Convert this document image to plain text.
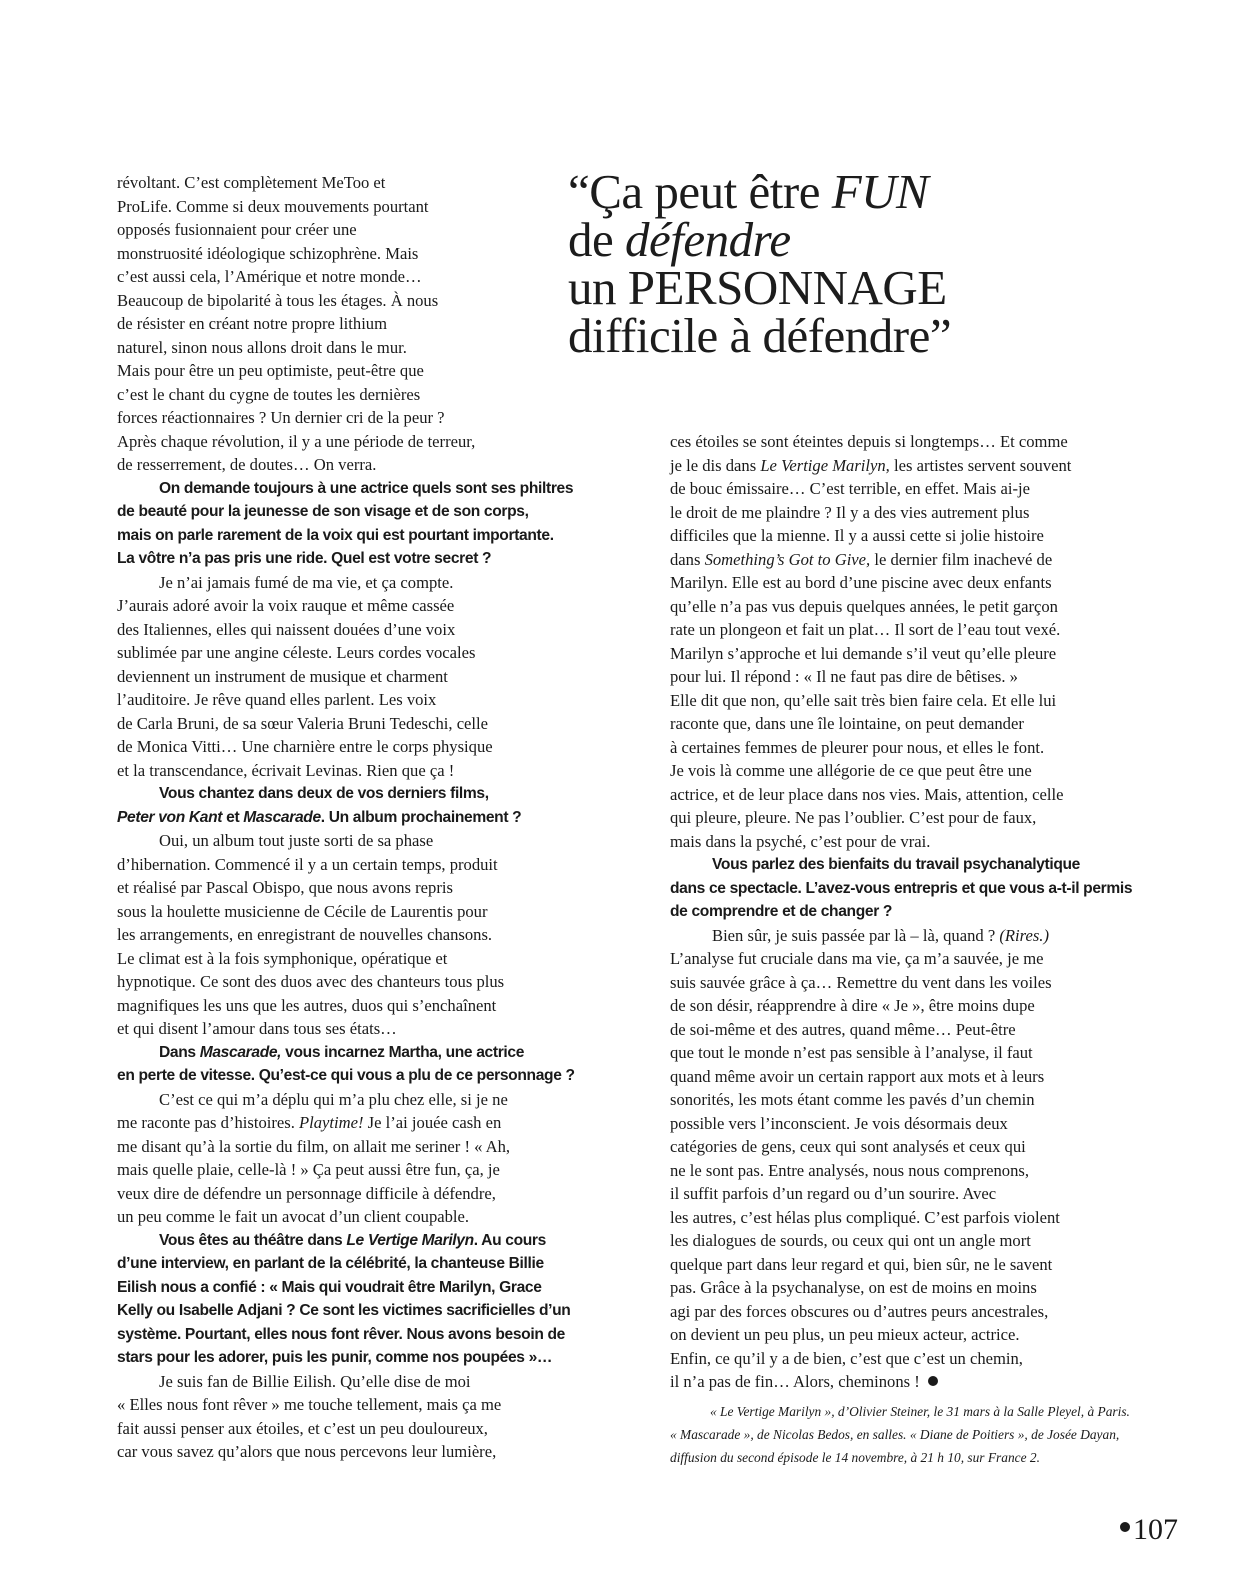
“Ça peut être FUN
de défendre
un PERSONNAGE
difficile à défendre”

révoltant. C’est complètement MeToo et

ProLife. Comme si deux mouvements pourtant

opposés fusionnaient pour créer une

monstruosité idéologique schizophrène. Mais

c’est aussi cela, l’Amérique et notre monde…

Beaucoup de bipolarité à tous les étages. À nous

de résister en créant notre propre lithium

naturel, sinon nous allons droit dans le mur.

Mais pour être un peu optimiste, peut-être que

c’est le chant du cygne de toutes les dernières

forces réactionnaires ? Un dernier cri de la peur ?

Après chaque révolution, il y a une période de terreur,

de resserrement, de doutes… On verra.

On demande toujours à une actrice quels sont ses philtres

de beauté pour la jeunesse de son visage et de son corps,

mais on parle rarement de la voix qui est pourtant importante.

La vôtre n’a pas pris une ride. Quel est votre secret ?

Je n’ai jamais fumé de ma vie, et ça compte.

J’aurais adoré avoir la voix rauque et même cassée

des Italiennes, elles qui naissent douées d’une voix

sublimée par une angine céleste. Leurs cordes vocales

deviennent un instrument de musique et charment

l’auditoire. Je rêve quand elles parlent. Les voix

de Carla Bruni, de sa sœur Valeria Bruni Tedeschi, celle

de Monica Vitti… Une charnière entre le corps physique

et la transcendance, écrivait Levinas. Rien que ça !

Vous chantez dans deux de vos derniers films,

Peter von Kant et Mascarade. Un album prochainement ?

Oui, un album tout juste sorti de sa phase

d’hibernation. Commencé il y a un certain temps, produit

et réalisé par Pascal Obispo, que nous avons repris

sous la houlette musicienne de Cécile de Laurentis pour

les arrangements, en enregistrant de nouvelles chansons.

Le climat est à la fois symphonique, opératique et

hypnotique. Ce sont des duos avec des chanteurs tous plus

magnifiques les uns que les autres, duos qui s’enchaînent

et qui disent l’amour dans tous ses états…

Dans Mascarade, vous incarnez Martha, une actrice

en perte de vitesse. Qu’est-ce qui vous a plu de ce personnage ?

C’est ce qui m’a déplu qui m’a plu chez elle, si je ne

me raconte pas d’histoires. Playtime! Je l’ai jouée cash en

me disant qu’à la sortie du film, on allait me seriner ! « Ah,

mais quelle plaie, celle-là ! » Ça peut aussi être fun, ça, je

veux dire de défendre un personnage difficile à défendre,

un peu comme le fait un avocat d’un client coupable.

Vous êtes au théâtre dans Le Vertige Marilyn. Au cours

d’une interview, en parlant de la célébrité, la chanteuse Billie

Eilish nous a confié : « Mais qui voudrait être Marilyn, Grace

Kelly ou Isabelle Adjani ? Ce sont les victimes sacrificielles d’un

système. Pourtant, elles nous font rêver. Nous avons besoin de

stars pour les adorer, puis les punir, comme nos poupées »…

Je suis fan de Billie Eilish. Qu’elle dise de moi

« Elles nous font rêver » me touche tellement, mais ça me

fait aussi penser aux étoiles, et c’est un peu douloureux,

car vous savez qu’alors que nous percevons leur lumière,

ces étoiles se sont éteintes depuis si longtemps… Et comme

je le dis dans Le Vertige Marilyn, les artistes servent souvent

de bouc émissaire… C’est terrible, en effet. Mais ai-je

le droit de me plaindre ? Il y a des vies autrement plus

difficiles que la mienne. Il y a aussi cette si jolie histoire

dans Something’s Got to Give, le dernier film inachevé de

Marilyn. Elle est au bord d’une piscine avec deux enfants

qu’elle n’a pas vus depuis quelques années, le petit garçon

rate un plongeon et fait un plat… Il sort de l’eau tout vexé.

Marilyn s’approche et lui demande s’il veut qu’elle pleure

pour lui. Il répond : « Il ne faut pas dire de bêtises. »

Elle dit que non, qu’elle sait très bien faire cela. Et elle lui

raconte que, dans une île lointaine, on peut demander

à certaines femmes de pleurer pour nous, et elles le font.

Je vois là comme une allégorie de ce que peut être une

actrice, et de leur place dans nos vies. Mais, attention, celle

qui pleure, pleure. Ne pas l’oublier. C’est pour de faux,

mais dans la psyché, c’est pour de vrai.

Vous parlez des bienfaits du travail psychanalytique

dans ce spectacle. L’avez-vous entrepris et que vous a-t-il permis

de comprendre et de changer ?

Bien sûr, je suis passée par là – là, quand ? (Rires.)

L’analyse fut cruciale dans ma vie, ça m’a sauvée, je me

suis sauvée grâce à ça… Remettre du vent dans les voiles

de son désir, réapprendre à dire « Je », être moins dupe

de soi-même et des autres, quand même… Peut-être

que tout le monde n’est pas sensible à l’analyse, il faut

quand même avoir un certain rapport aux mots et à leurs

sonorités, les mots étant comme les pavés d’un chemin

possible vers l’inconscient. Je vois désormais deux

catégories de gens, ceux qui sont analysés et ceux qui

ne le sont pas. Entre analysés, nous nous comprenons,

il suffit parfois d’un regard ou d’un sourire. Avec

les autres, c’est hélas plus compliqué. C’est parfois violent

les dialogues de sourds, ou ceux qui ont un angle mort

quelque part dans leur regard et qui, bien sûr, ne le savent

pas. Grâce à la psychanalyse, on est de moins en moins

agi par des forces obscures ou d’autres peurs ancestrales,

on devient un peu plus, un peu mieux acteur, actrice.

Enfin, ce qu’il y a de bien, c’est que c’est un chemin,

il n’a pas de fin… Alors, cheminons !

« Le Vertige Marilyn », d’Olivier Steiner, le 31 mars à la Salle Pleyel, à Paris.

« Mascarade », de Nicolas Bedos, en salles. « Diane de Poitiers », de Josée Dayan,

diffusion du second épisode le 14 novembre, à 21 h 10, sur France 2.

107
